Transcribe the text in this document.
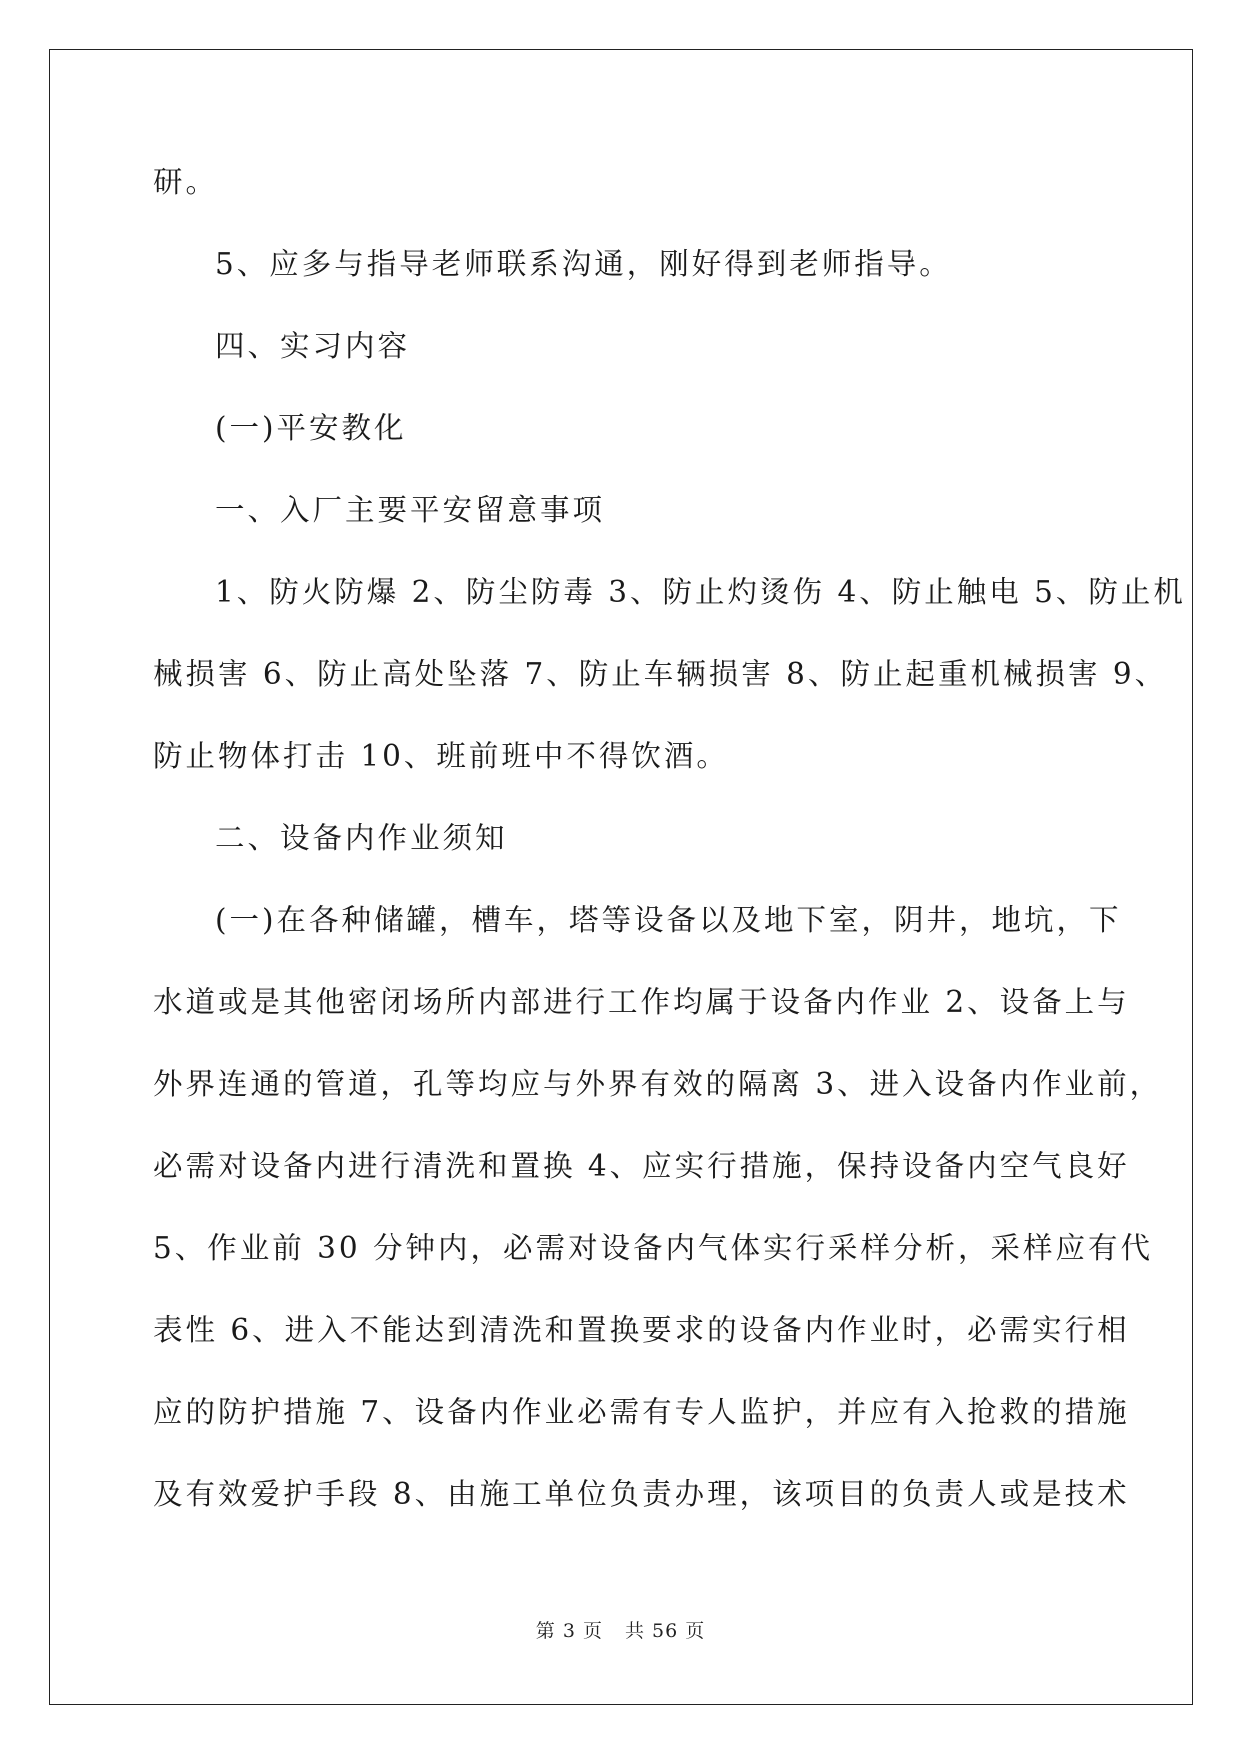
研。
5、应多与指导老师联系沟通，刚好得到老师指导。
四、实习内容
(一)平安教化
一、入厂主要平安留意事项
1、防火防爆 2、防尘防毒 3、防止灼烫伤 4、防止触电 5、防止机
械损害 6、防止高处坠落 7、防止车辆损害 8、防止起重机械损害 9、
防止物体打击 10、班前班中不得饮酒。
二、设备内作业须知
(一)在各种储罐，槽车，塔等设备以及地下室，阴井，地坑，下
水道或是其他密闭场所内部进行工作均属于设备内作业 2、设备上与
外界连通的管道，孔等均应与外界有效的隔离 3、进入设备内作业前，
必需对设备内进行清洗和置换 4、应实行措施，保持设备内空气良好
5、作业前 30 分钟内，必需对设备内气体实行采样分析，采样应有代
表性 6、进入不能达到清洗和置换要求的设备内作业时，必需实行相
应的防护措施 7、设备内作业必需有专人监护，并应有入抢救的措施
及有效爱护手段 8、由施工单位负责办理，该项目的负责人或是技术
第 3 页 共 56 页
